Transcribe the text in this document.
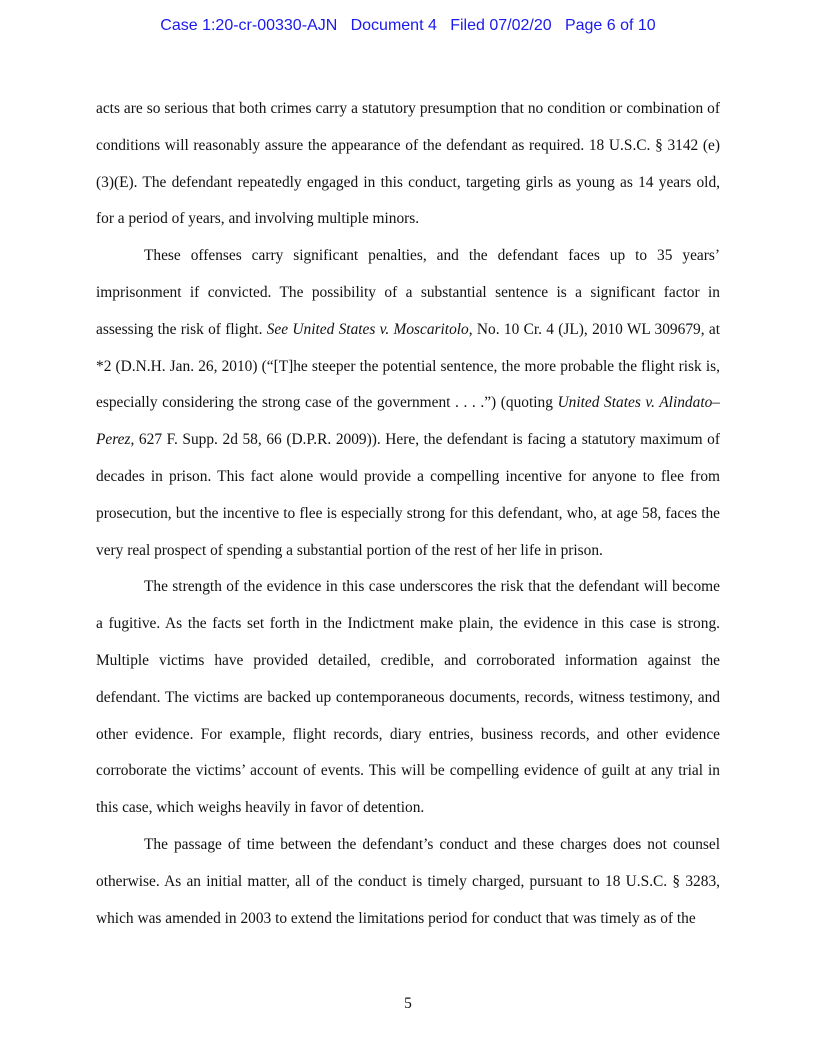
Case 1:20-cr-00330-AJN Document 4 Filed 07/02/20 Page 6 of 10

acts are so serious that both crimes carry a statutory presumption that no condition or combination of conditions will reasonably assure the appearance of the defendant as required. 18 U.S.C. § 3142 (e)(3)(E). The defendant repeatedly engaged in this conduct, targeting girls as young as 14 years old, for a period of years, and involving multiple minors.

These offenses carry significant penalties, and the defendant faces up to 35 years’ imprisonment if convicted. The possibility of a substantial sentence is a significant factor in assessing the risk of flight. See United States v. Moscaritolo, No. 10 Cr. 4 (JL), 2010 WL 309679, at *2 (D.N.H. Jan. 26, 2010) (“[T]he steeper the potential sentence, the more probable the flight risk is, especially considering the strong case of the government . . . .”) (quoting United States v. Alindato–Perez, 627 F. Supp. 2d 58, 66 (D.P.R. 2009)). Here, the defendant is facing a statutory maximum of decades in prison. This fact alone would provide a compelling incentive for anyone to flee from prosecution, but the incentive to flee is especially strong for this defendant, who, at age 58, faces the very real prospect of spending a substantial portion of the rest of her life in prison.

The strength of the evidence in this case underscores the risk that the defendant will become a fugitive. As the facts set forth in the Indictment make plain, the evidence in this case is strong. Multiple victims have provided detailed, credible, and corroborated information against the defendant. The victims are backed up contemporaneous documents, records, witness testimony, and other evidence. For example, flight records, diary entries, business records, and other evidence corroborate the victims’ account of events. This will be compelling evidence of guilt at any trial in this case, which weighs heavily in favor of detention.

The passage of time between the defendant’s conduct and these charges does not counsel otherwise. As an initial matter, all of the conduct is timely charged, pursuant to 18 U.S.C. § 3283, which was amended in 2003 to extend the limitations period for conduct that was timely as of the

5
